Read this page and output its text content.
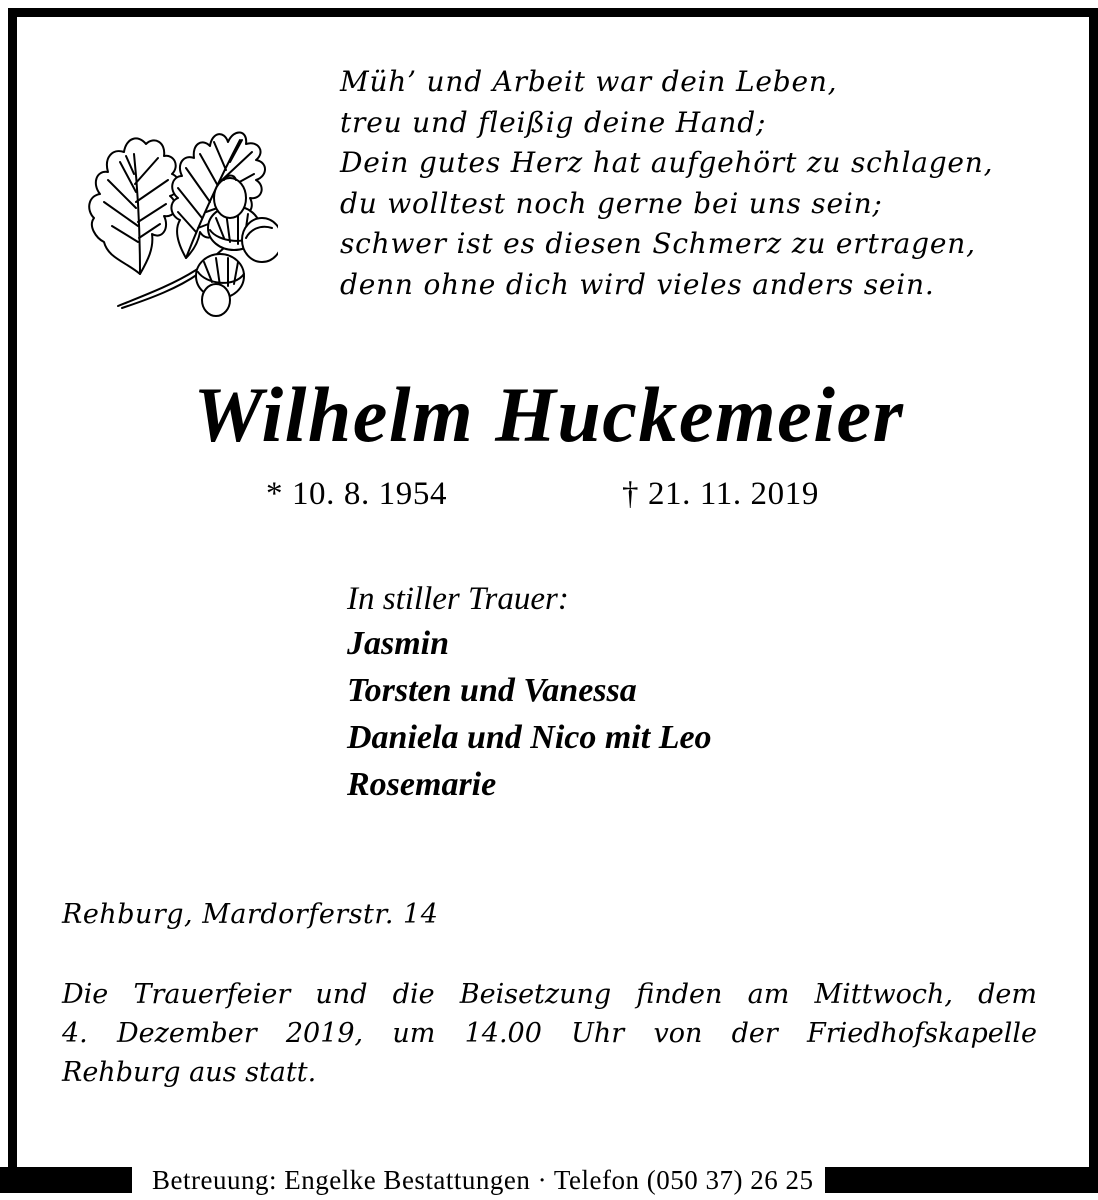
Müh’ und Arbeit war dein Leben,
treu und fleißig deine Hand;
Dein gutes Herz hat aufgehört zu schlagen,
du wolltest noch gerne bei uns sein;
schwer ist es diesen Schmerz zu ertragen,
denn ohne dich wird vieles anders sein.
Wilhelm Huckemeier
* 10. 8. 1954	† 21. 11. 2019
In stiller Trauer:
Jasmin
Torsten und Vanessa
Daniela und Nico mit Leo
Rosemarie
Rehburg, Mardorferstr. 14
Die Trauerfeier und die Beisetzung finden am Mittwoch, dem
4. Dezember 2019, um 14.00 Uhr von der Friedhofskapelle
Rehburg aus statt.
Betreuung: Engelke Bestattungen · Telefon (050 37) 26 25
